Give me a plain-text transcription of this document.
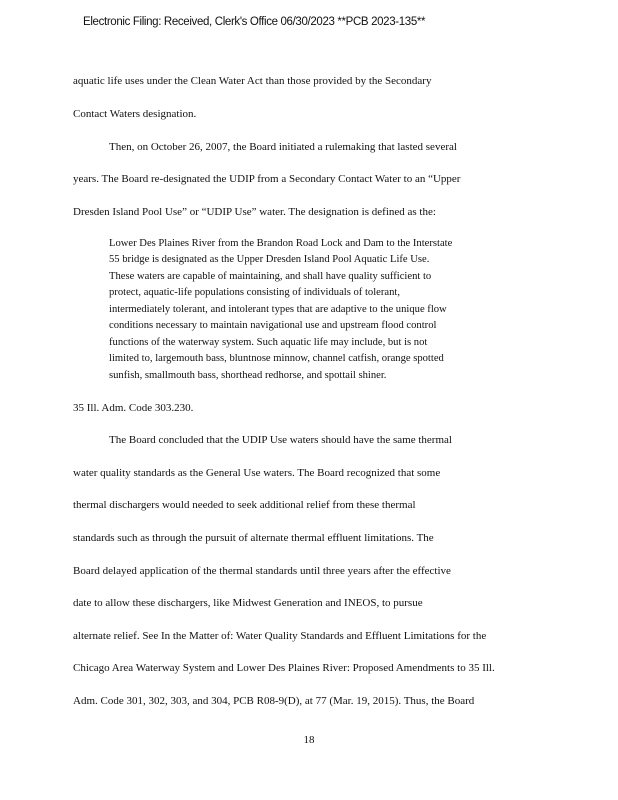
Electronic Filing: Received, Clerk's Office 06/30/2023 **PCB 2023-135**
aquatic life uses under the Clean Water Act than those provided by the Secondary
Contact Waters designation.
Then, on October 26, 2007, the Board initiated a rulemaking that lasted several
years. The Board re-designated the UDIP from a Secondary Contact Water to an “Upper
Dresden Island Pool Use” or “UDIP Use” water. The designation is defined as the:
Lower Des Plaines River from the Brandon Road Lock and Dam to the Interstate
55 bridge is designated as the Upper Dresden Island Pool Aquatic Life Use.
These waters are capable of maintaining, and shall have quality sufficient to
protect, aquatic-life populations consisting of individuals of tolerant,
intermediately tolerant, and intolerant types that are adaptive to the unique flow
conditions necessary to maintain navigational use and upstream flood control
functions of the waterway system. Such aquatic life may include, but is not
limited to, largemouth bass, bluntnose minnow, channel catfish, orange spotted
sunfish, smallmouth bass, shorthead redhorse, and spottail shiner.
35 Ill. Adm. Code 303.230.
The Board concluded that the UDIP Use waters should have the same thermal
water quality standards as the General Use waters. The Board recognized that some
thermal dischargers would needed to seek additional relief from these thermal
standards such as through the pursuit of alternate thermal effluent limitations. The
Board delayed application of the thermal standards until three years after the effective
date to allow these dischargers, like Midwest Generation and INEOS, to pursue
alternate relief. See In the Matter of: Water Quality Standards and Effluent Limitations for the
Chicago Area Waterway System and Lower Des Plaines River: Proposed Amendments to 35 Ill.
Adm. Code 301, 302, 303, and 304, PCB R08-9(D), at 77 (Mar. 19, 2015). Thus, the Board
18
